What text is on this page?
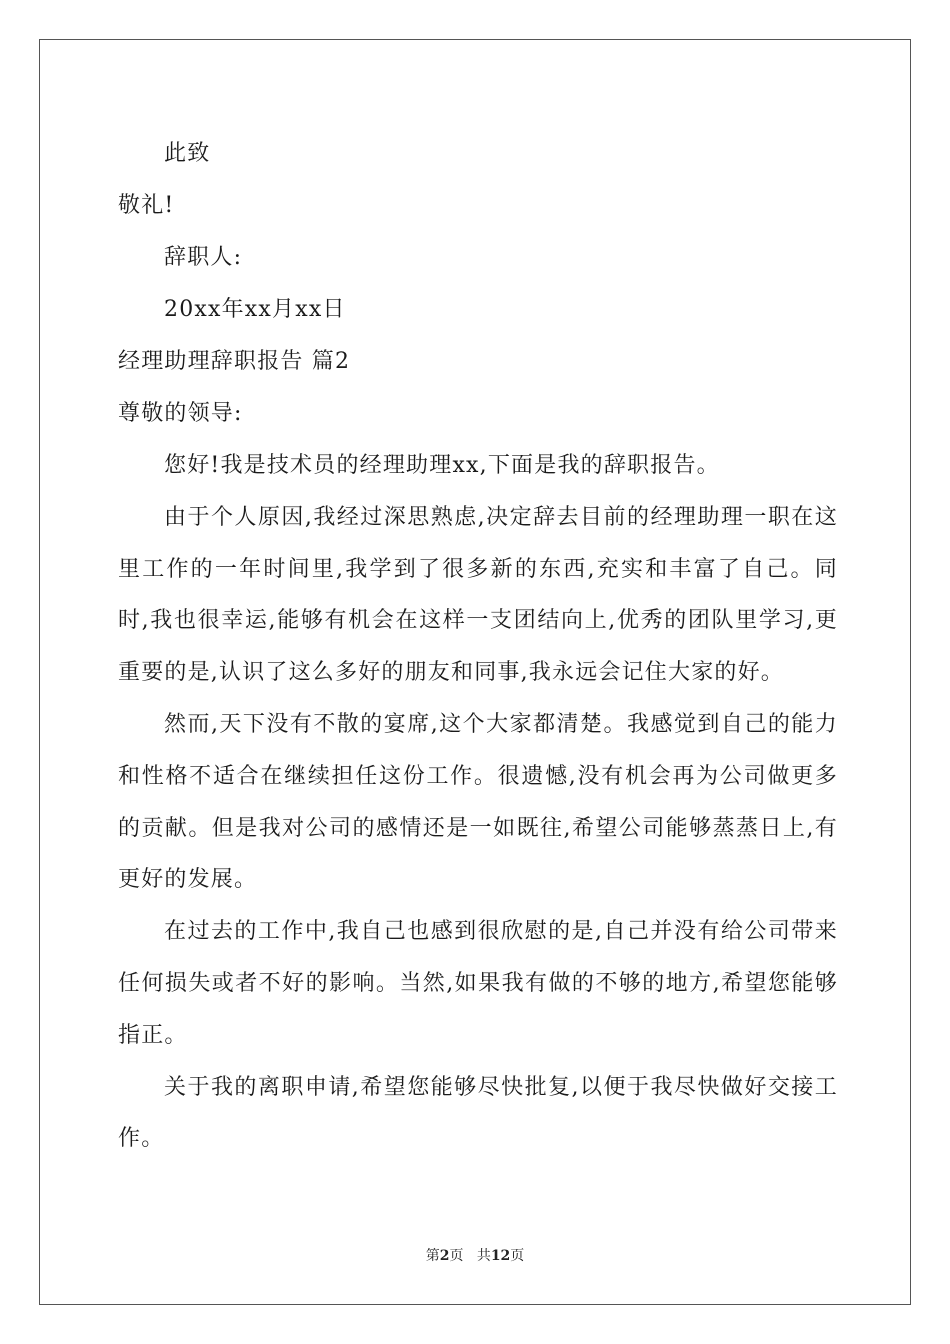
此致
敬礼!
辞职人:
20xx年xx月xx日
经理助理辞职报告 篇2
尊敬的领导:

您好!我是技术员的经理助理xx,下面是我的辞职报告。

由于个人原因,我经过深思熟虑,决定辞去目前的经理助理一职在这里工作的一年时间里,我学到了很多新的东西,充实和丰富了自己。同时,我也很幸运,能够有机会在这样一支团结向上,优秀的团队里学习,更重要的是,认识了这么多好的朋友和同事,我永远会记住大家的好。

然而,天下没有不散的宴席,这个大家都清楚。我感觉到自己的能力和性格不适合在继续担任这份工作。很遗憾,没有机会再为公司做更多的贡献。但是我对公司的感情还是一如既往,希望公司能够蒸蒸日上,有更好的发展。

在过去的工作中,我自己也感到很欣慰的是,自己并没有给公司带来任何损失或者不好的影响。当然,如果我有做的不够的地方,希望您能够指正。

关于我的离职申请,希望您能够尽快批复,以便于我尽快做好交接工作。

第2页 共12页
